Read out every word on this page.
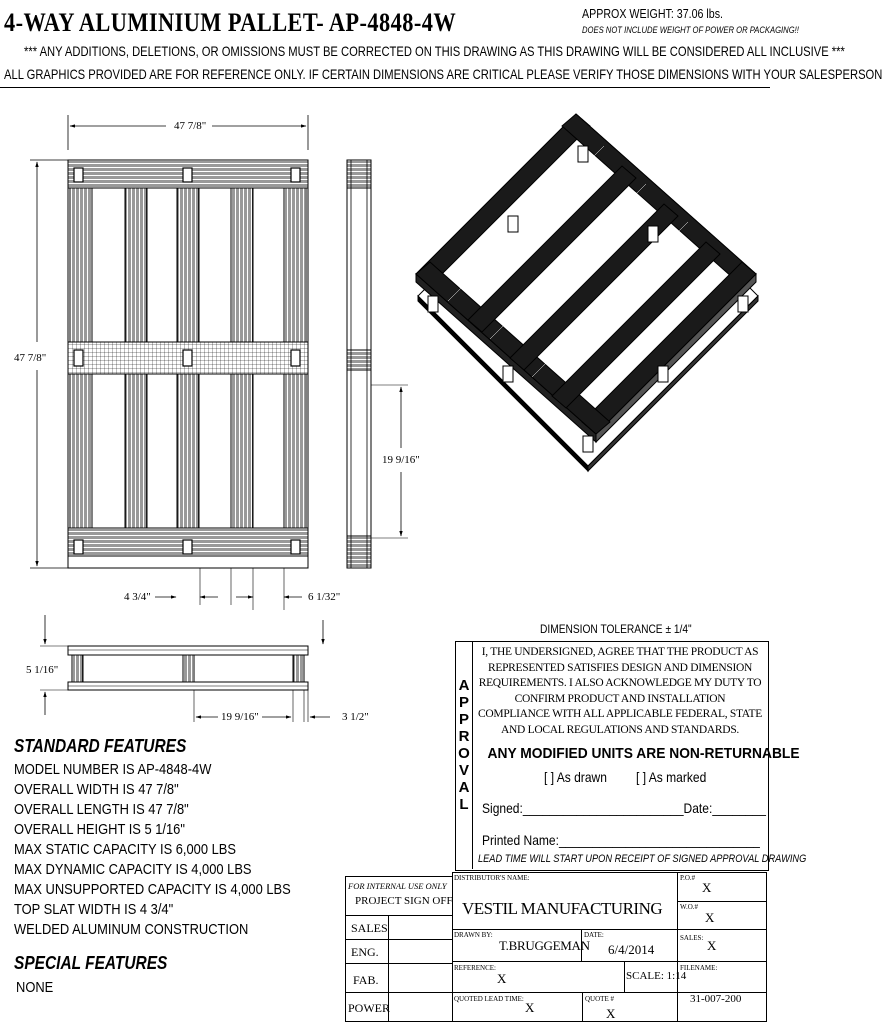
4-WAY ALUMINIUM PALLET- AP-4848-4W	APPROX WEIGHT: 37.06 lbs.
DOES NOT INCLUDE WEIGHT OF POWER OR PACKAGING!!
*** ANY ADDITIONS, DELETIONS, OR OMISSIONS MUST BE CORRECTED ON THIS DRAWING AS THIS DRAWING WILL BE CONSIDERED ALL INCLUSIVE ***
ALL GRAPHICS PROVIDED ARE FOR REFERENCE ONLY. IF CERTAIN DIMENSIONS ARE CRITICAL PLEASE VERIFY THOSE DIMENSIONS WITH YOUR SALESPERSON
47 7/8"
47 7/8"
19 9/16"
4 3/4"	6 1/32"
5 1/16"
19 9/16"	3 1/2"
DIMENSION TOLERANCE ± 1/4"
A
P
P
R
O
V
A
L
I, THE UNDERSIGNED, AGREE THAT THE PRODUCT AS
REPRESENTED SATISFIES DESIGN AND DIMENSION
REQUIREMENTS. I ALSO ACKNOWLEDGE MY DUTY TO
CONFIRM PRODUCT AND INSTALLATION
COMPLIANCE WITH ALL APPLICABLE FEDERAL, STATE
AND LOCAL REGULATIONS AND STANDARDS.
ANY MODIFIED UNITS ARE NON-RETURNABLE
[ ] As drawn [ ] As marked
Signed:________________________Date:________
Printed Name:______________________________
LEAD TIME WILL START UPON RECEIPT OF SIGNED APPROVAL DRAWING
STANDARD FEATURES
MODEL NUMBER IS AP-4848-4W
OVERALL WIDTH IS 47 7/8"
OVERALL LENGTH IS 47 7/8"
OVERALL HEIGHT IS 5 1/16"
MAX STATIC CAPACITY IS 6,000 LBS
MAX DYNAMIC CAPACITY IS 4,000 LBS
MAX UNSUPPORTED CAPACITY IS 4,000 LBS
TOP SLAT WIDTH IS 4 3/4"
WELDED ALUMINUM CONSTRUCTION
SPECIAL FEATURES
NONE
FOR INTERNAL USE ONLY
PROJECT SIGN OFF
SALES
ENG.
FAB.
POWER
DISTRIBUTOR'S NAME:
VESTIL MANUFACTURING
P.O.#
X
W.O.#
X
DRAWN BY:
T.BRUGGEMAN
DATE:
6/4/2014
SALES: X
REFERENCE:
X	SCALE: 1:14
FILENAME:
QUOTED LEAD TIME:
X
QUOTE #
X
31-007-200
